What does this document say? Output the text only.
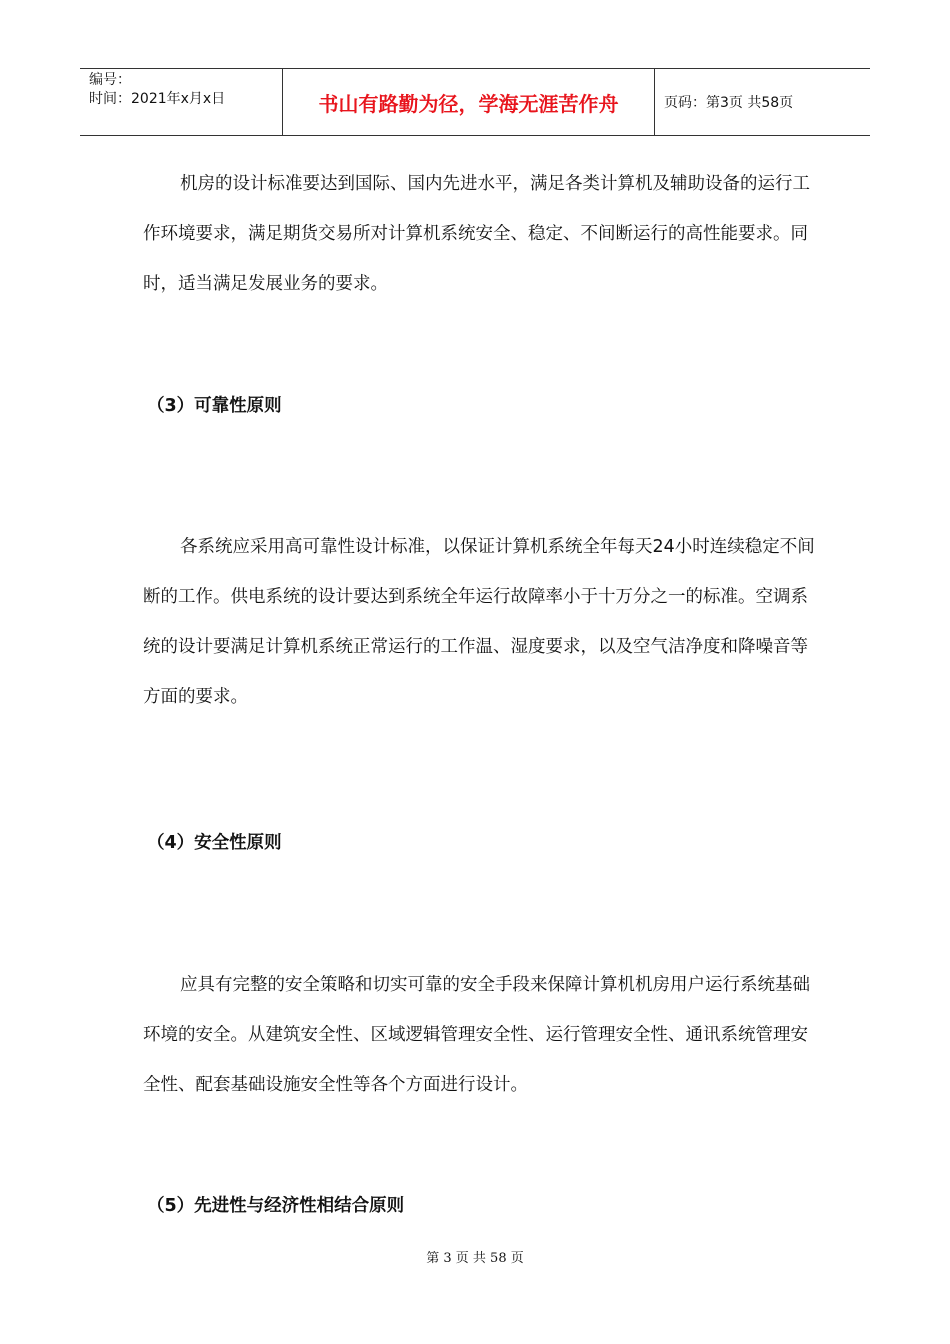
编号：
时间：2021年x月x日	书山有路勤为径，学海无涯苦作舟	页码：第3页 共58页

机房的设计标准要达到国际、国内先进水平，满足各类计算机及辅助设备的运行工作环境要求，满足期货交易所对计算机系统安全、稳定、不间断运行的高性能要求。同时，适当满足发展业务的要求。

（3）可靠性原则

各系统应采用高可靠性设计标准，以保证计算机系统全年每天24小时连续稳定不间断的工作。供电系统的设计要达到系统全年运行故障率小于十万分之一的标准。空调系统的设计要满足计算机系统正常运行的工作温、湿度要求，以及空气洁净度和降噪音等方面的要求。

（4）安全性原则

应具有完整的安全策略和切实可靠的安全手段来保障计算机机房用户运行系统基础环境的安全。从建筑安全性、区域逻辑管理安全性、运行管理安全性、通讯系统管理安全性、配套基础设施安全性等各个方面进行设计。

（5）先进性与经济性相结合原则

第 3 页 共 58 页
